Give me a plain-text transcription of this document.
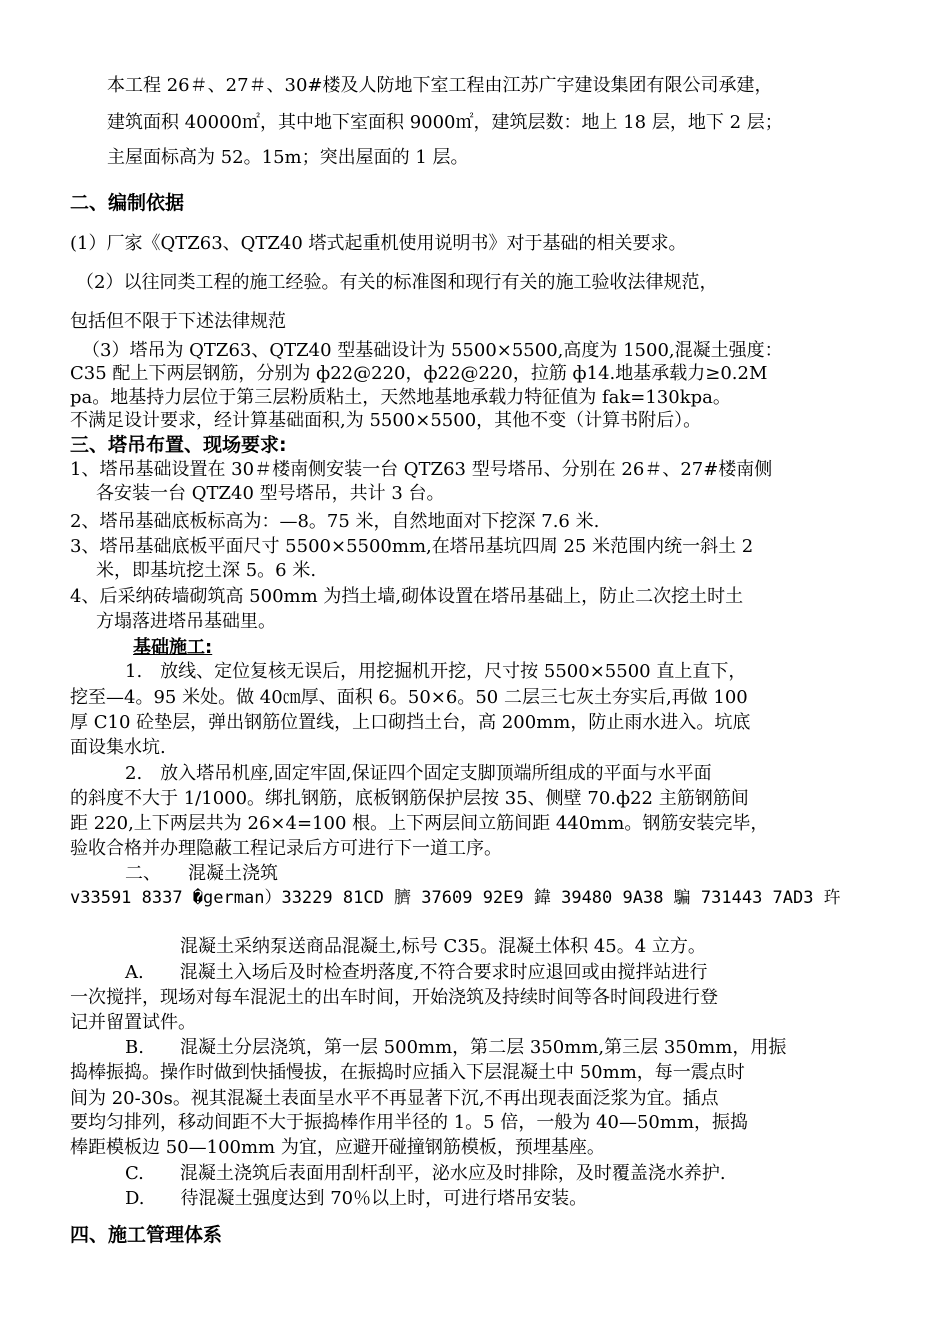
本工程 26＃、27＃、30#楼及人防地下室工程由江苏广宇建设集团有限公司承建，
建筑面积 40000㎡，其中地下室面积 9000㎡，建筑层数：地上 18 层，地下 2 层；
主屋面标高为 52。15m；突出屋面的 1 层。
二、编制依据
(1）厂家《QTZ63、QTZ40 塔式起重机使用说明书》对于基础的相关要求。
（2）以往同类工程的施工经验。有关的标准图和现行有关的施工验收法律规范，
包括但不限于下述法律规范
（3）塔吊为 QTZ63、QTZ40 型基础设计为 5500×5500,高度为 1500,混凝土强度：
C35 配上下两层钢筋，分别为 ф22@220，ф22@220，拉筋 ф14.地基承载力≥0.2M
pa。地基持力层位于第三层粉质粘土，天然地基地承载力特征值为 fak=130kpa。
不满足设计要求，经计算基础面积,为 5500×5500，其他不变（计算书附后）。
三、塔吊布置、现场要求:
1、塔吊基础设置在 30＃楼南侧安装一台 QTZ63 型号塔吊、分别在 26＃、27#楼南侧
各安装一台 QTZ40 型号塔吊，共计 3 台。
2、塔吊基础底板标高为：—8。75 米，自然地面对下挖深 7.6 米.
3、塔吊基础底板平面尺寸 5500×5500mm,在塔吊基坑四周 25 米范围内统一斜土 2
米，即基坑挖土深 5。6 米.
4、后采纳砖墙砌筑高 500mm 为挡土墙,砌体设置在塔吊基础上，防止二次挖土时土
方塌落进塔吊基础里。
基础施工:
1.　放线、定位复核无误后，用挖掘机开挖，尺寸按 5500×5500 直上直下，
挖至—4。95 米处。做 40㎝厚、面积 6。50×6。50 二层三七灰土夯实后,再做 100
厚 C10 砼垫层，弹出钢筋位置线，上口砌挡土台，高 200mm，防止雨水进入。坑底
面设集水坑.
2.　放入塔吊机座,固定牢固,保证四个固定支脚顶端所组成的平面与水平面
的斜度不大于 1/1000。绑扎钢筋，底板钢筋保护层按 35、侧壁 70.ф22 主筋钢筋间
距 220,上下两层共为 26×4=100 根。上下两层间立筋间距 440mm。钢筋安装完毕，
验收合格并办理隐蔽工程记录后方可进行下一道工序。
二、　　混凝土浇筑
v33591 8337 �german）33229 81CD 臍 37609 92E9 鍏 39480 9A38 騙 731443 7AD3 玝
混凝土采纳泵送商品混凝土,标号 C35。混凝土体积 45。4 立方。
A.　　混凝土入场后及时检查坍落度,不符合要求时应退回或由搅拌站进行
一次搅拌，现场对每车混泥土的出车时间，开始浇筑及持续时间等各时间段进行登
记并留置试件。
B.　　混凝土分层浇筑，第一层 500mm，第二层 350mm,第三层 350mm，用振
捣棒振捣。操作时做到快插慢拔，在振捣时应插入下层混凝土中 50mm，每一震点时
间为 20-30s。视其混凝土表面呈水平不再显著下沉,不再出现表面泛浆为宜。插点
要均匀排列，移动间距不大于振捣棒作用半径的 1。5 倍，一般为 40—50mm，振捣
棒距模板边 50—100mm 为宜，应避开碰撞钢筋模板，预埋基座。
C.　　混凝土浇筑后表面用刮杆刮平，泌水应及时排除，及时覆盖浇水养护.
D.　　待混凝土强度达到 70％以上时，可进行塔吊安装。
四、施工管理体系
